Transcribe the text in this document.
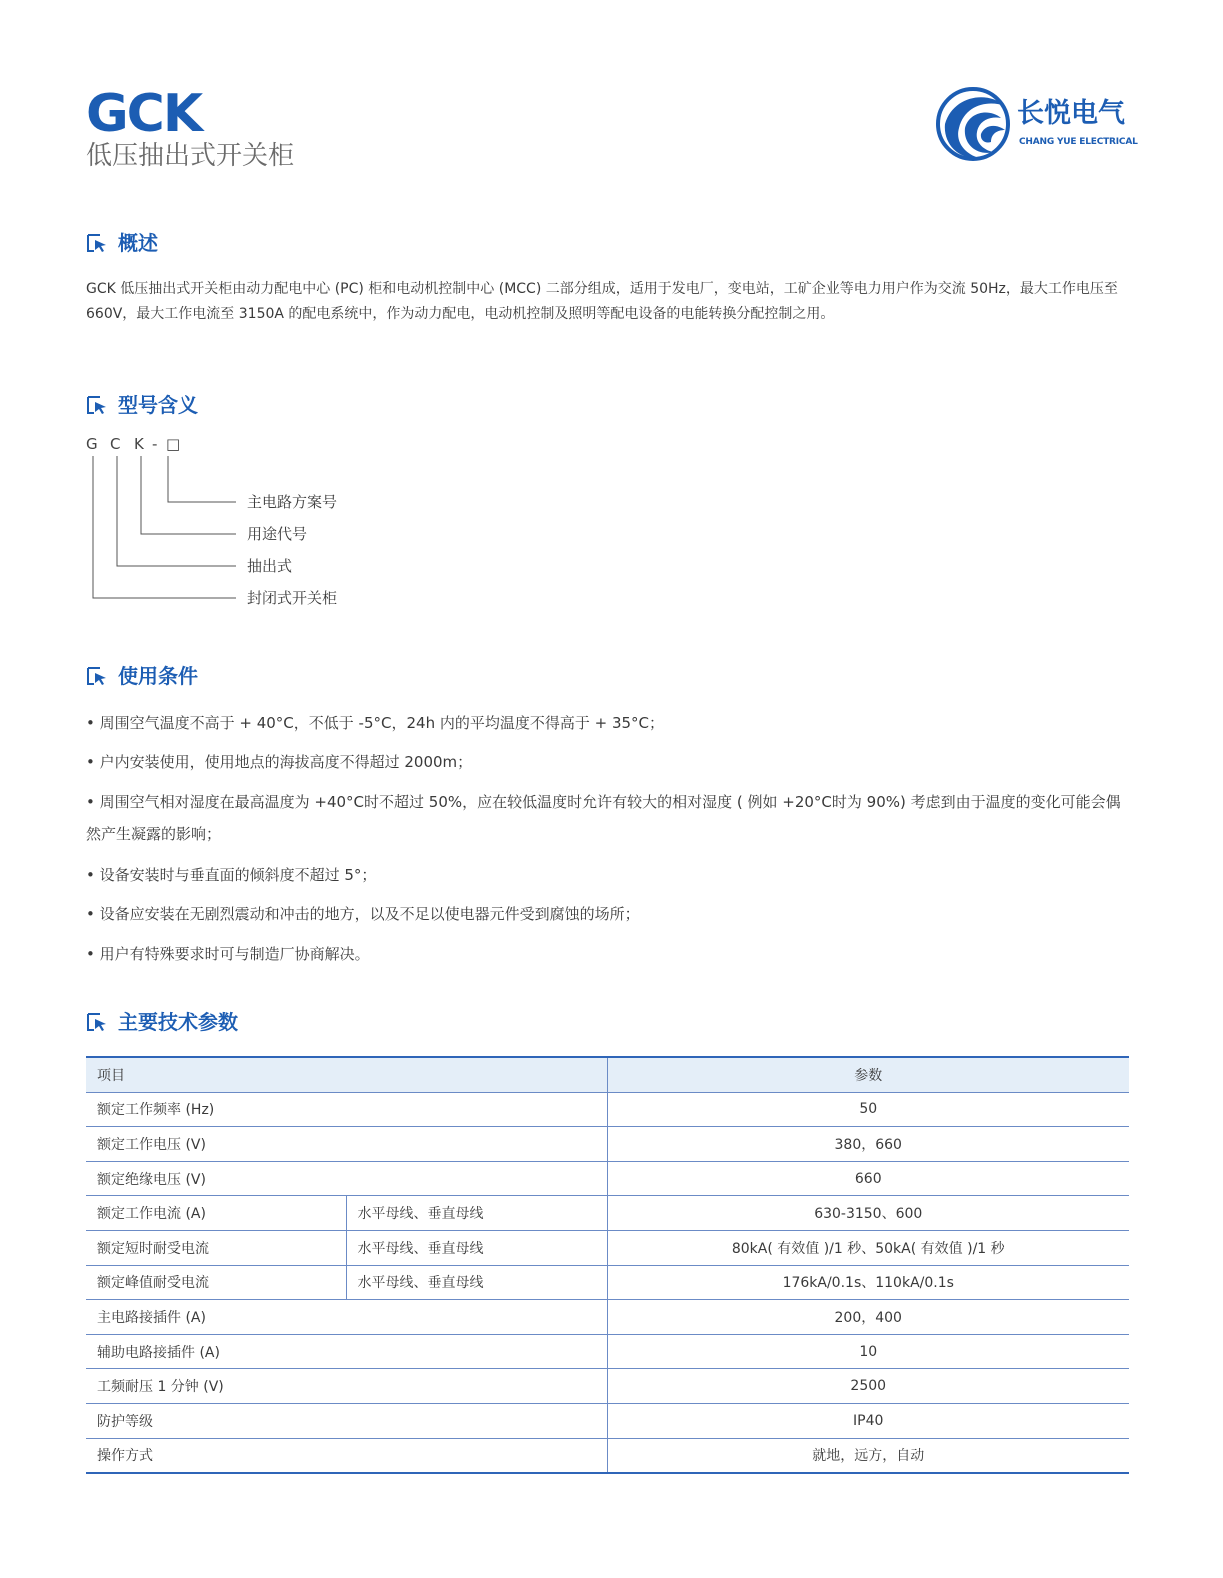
GCK
低压抽出式开关柜
长悦电气
CHANG YUE ELECTRICAL
概述

GCK 低压抽出式开关柜由动力配电中心 (PC) 柜和电动机控制中心 (MCC) 二部分组成，适用于发电厂，变电站，工矿企业等电力用户作为交流 50Hz，最大工作电压至 660V，最大工作电流至 3150A 的配电系统中，作为动力配电，电动机控制及照明等配电设备的电能转换分配控制之用。

型号含义
G C K - □
主电路方案号
用途代号
抽出式
封闭式开关柜
使用条件

• 周围空气温度不高于 + 40°C，不低于 -5°C，24h 内的平均温度不得高于 + 35°C；

• 户内安装使用，使用地点的海拔高度不得超过 2000m；

• 周围空气相对湿度在最高温度为 +40°C时不超过 50%，应在较低温度时允许有较大的相对湿度 ( 例如 +20°C时为 90%) 考虑到由于温度的变化可能会偶然产生凝露的影响；

• 设备安装时与垂直面的倾斜度不超过 5°；

• 设备应安装在无剧烈震动和冲击的地方，以及不足以使电器元件受到腐蚀的场所；

• 用户有特殊要求时可与制造厂协商解决。

主要技术参数
项目		参数
额定工作频率 (Hz)		50
额定工作电压 (V)		380，660
额定绝缘电压 (V)		660
额定工作电流 (A)	水平母线、垂直母线	630-3150、600
额定短时耐受电流	水平母线、垂直母线	80kA( 有效值 )/1 秒、50kA( 有效值 )/1 秒
额定峰值耐受电流	水平母线、垂直母线	176kA/0.1s、110kA/0.1s
主电路接插件 (A)		200，400
辅助电路接插件 (A)		10
工频耐压 1 分钟 (V)		2500
防护等级		IP40
操作方式		就地，远方，自动
